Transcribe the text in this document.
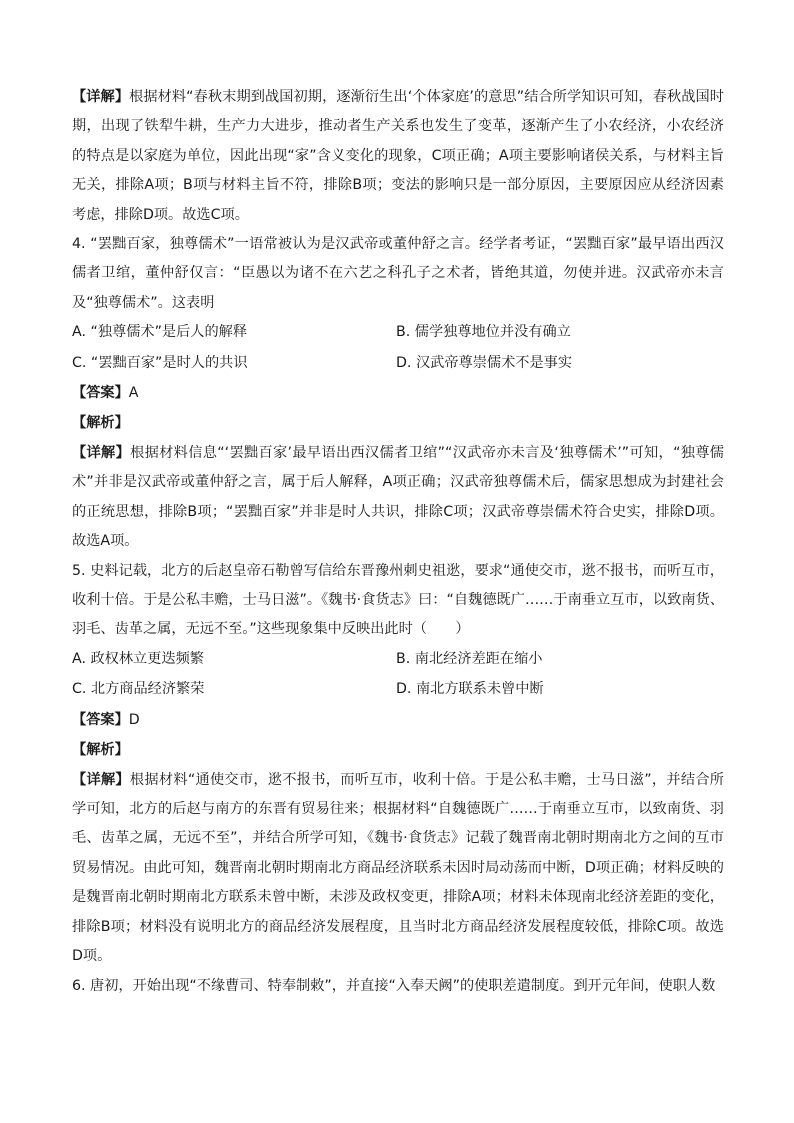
【详解】根据材料“春秋末期到战国初期，逐渐衍生出‘个体家庭’的意思”结合所学知识可知，春秋战国时期，出现了铁犁牛耕，生产力大进步，推动者生产关系也发生了变革，逐渐产生了小农经济，小农经济的特点是以家庭为单位，因此出现“家”含义变化的现象，C项正确；A项主要影响诸侯关系，与材料主旨无关，排除A项；B项与材料主旨不符，排除B项；变法的影响只是一部分原因，主要原因应从经济因素考虑，排除D项。故选C项。

4. “罢黜百家，独尊儒术”一语常被认为是汉武帝或董仲舒之言。经学者考证，“罢黜百家”最早语出西汉儒者卫绾，董仲舒仅言：“臣愚以为诸不在六艺之科孔子之术者，皆绝其道，勿使并进。汉武帝亦未言及“独尊儒术”。这表明

A. “独尊儒术”是后人的解释	B. 儒学独尊地位并没有确立
C. “罢黜百家”是时人的共识	D. 汉武帝尊崇儒术不是事实

【答案】A

【解析】

【详解】根据材料信息“‘罢黜百家’最早语出西汉儒者卫绾”“汉武帝亦未言及‘独尊儒术’”可知，“独尊儒术”并非是汉武帝或董仲舒之言，属于后人解释，A项正确；汉武帝独尊儒术后，儒家思想成为封建社会的正统思想，排除B项；“罢黜百家”并非是时人共识，排除C项；汉武帝尊崇儒术符合史实，排除D项。故选A项。

5. 史料记载，北方的后赵皇帝石勒曾写信给东晋豫州刺史祖逖，要求“通使交市，逖不报书，而听互市，收利十倍。于是公私丰赡，士马日滋”。《魏书·食货志》曰：“自魏德既广……于南垂立互市，以致南货、羽毛、齿革之属，无远不至。”这些现象集中反映出此时（　　）

A. 政权林立更迭频繁	B. 南北经济差距在缩小
C. 北方商品经济繁荣	D. 南北方联系未曾中断

【答案】D

【解析】

【详解】根据材料“通使交市，逖不报书，而听互市，收利十倍。于是公私丰赡，士马日滋”，并结合所学可知，北方的后赵与南方的东晋有贸易往来；根据材料“自魏德既广……于南垂立互市，以致南货、羽毛、齿革之属，无远不至”，并结合所学可知，《魏书·食货志》记载了魏晋南北朝时期南北方之间的互市贸易情况。由此可知，魏晋南北朝时期南北方商品经济联系未因时局动荡而中断，D项正确；材料反映的是魏晋南北朝时期南北方联系未曾中断，未涉及政权变更，排除A项；材料未体现南北经济差距的变化，排除B项；材料没有说明北方的商品经济发展程度，且当时北方商品经济发展程度较低，排除C项。故选D项。

6. 唐初，开始出现“不缘曹司、特奉制敕”，并直接“入奉天阙”的使职差遣制度。到开元年间，使职人数
